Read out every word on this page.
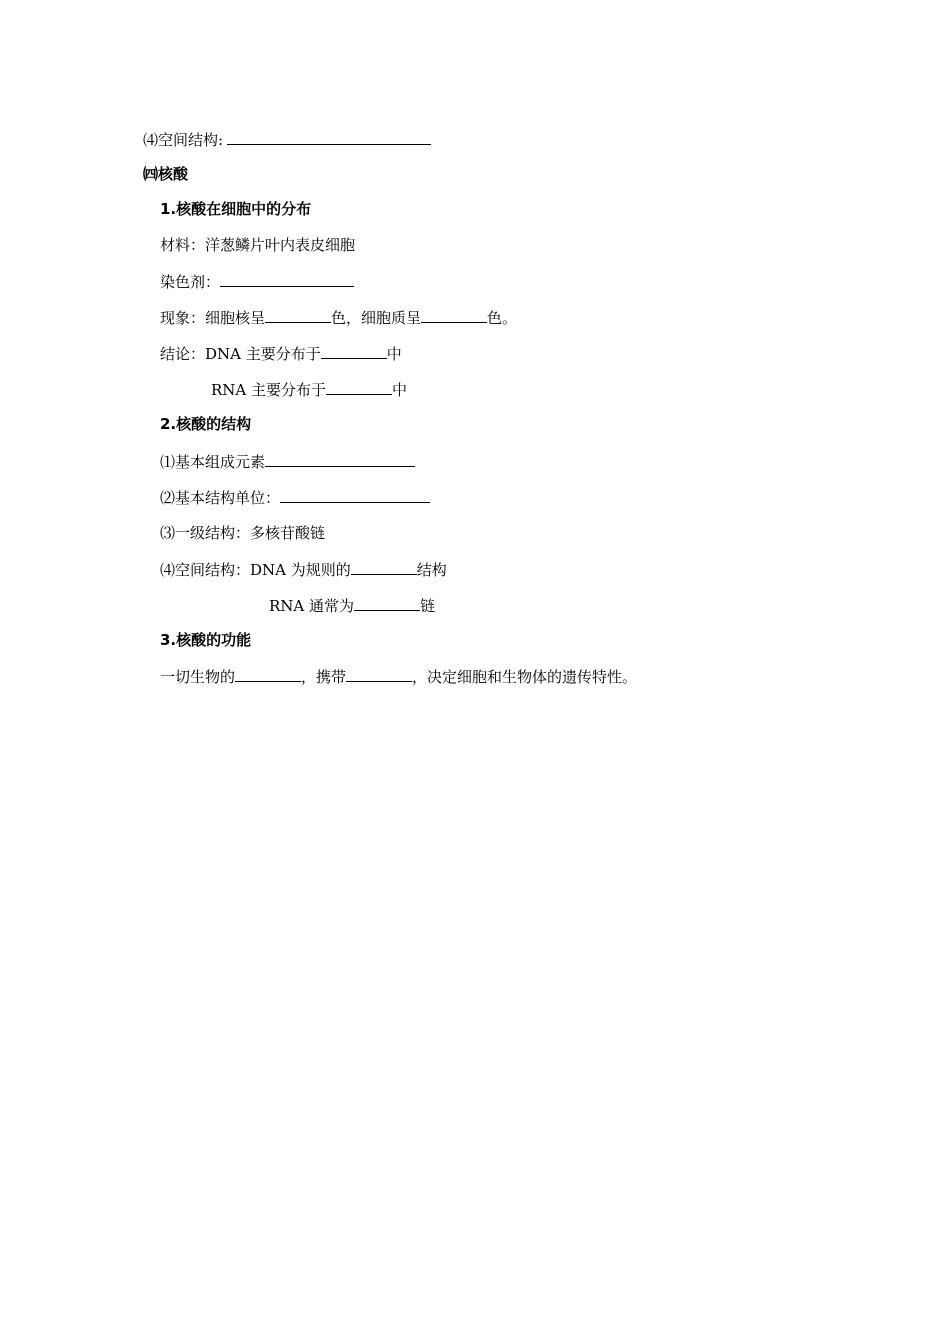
⑷空间结构:
㈣核酸
1.核酸在细胞中的分布
材料：洋葱鳞片叶内表皮细胞
染色剂：
现象：细胞核呈	色，细胞质呈	色。
结论：DNA 主要分布于	中
RNA 主要分布于	中
2.核酸的结构
⑴基本组成元素
⑵基本结构单位：
⑶一级结构：多核苷酸链
⑷空间结构：DNA 为规则的	结构
RNA 通常为	链
3.核酸的功能
一切生物的	，携带	，决定细胞和生物体的遗传特性。
